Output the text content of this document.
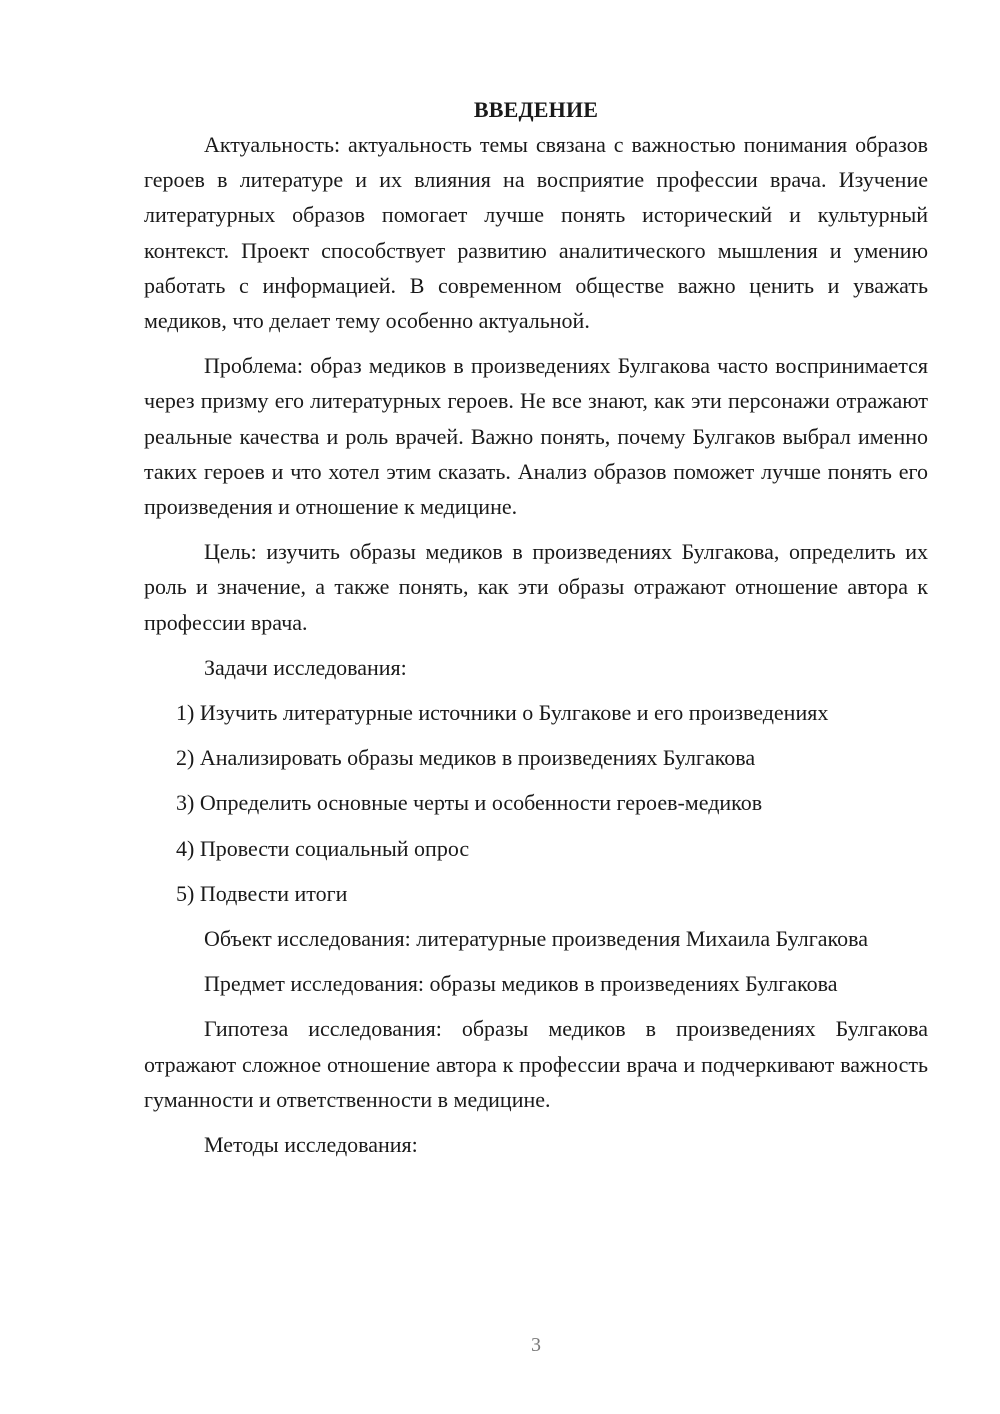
ВВЕДЕНИЕ

Актуальность: актуальность темы связана с важностью понимания образов героев в литературе и их влияния на восприятие профессии врача. Изучение литературных образов помогает лучше понять исторический и культурный контекст. Проект способствует развитию аналитического мышления и умению работать с информацией. В современном обществе важно ценить и уважать медиков, что делает тему особенно актуальной.

Проблема: образ медиков в произведениях Булгакова часто воспринимается через призму его литературных героев. Не все знают, как эти персонажи отражают реальные качества и роль врачей. Важно понять, почему Булгаков выбрал именно таких героев и что хотел этим сказать. Анализ образов поможет лучше понять его произведения и отношение к медицине.

Цель: изучить образы медиков в произведениях Булгакова, определить их роль и значение, а также понять, как эти образы отражают отношение автора к профессии врача.

Задачи исследования:

1) Изучить литературные источники о Булгакове и его произведениях

2) Анализировать образы медиков в произведениях Булгакова

3) Определить основные черты и особенности героев-медиков

4) Провести социальный опрос

5) Подвести итоги

Объект исследования: литературные произведения Михаила Булгакова

Предмет исследования: образы медиков в произведениях Булгакова

Гипотеза исследования: образы медиков в произведениях Булгакова отражают сложное отношение автора к профессии врача и подчеркивают важность гуманности и ответственности в медицине.

Методы исследования:

3
